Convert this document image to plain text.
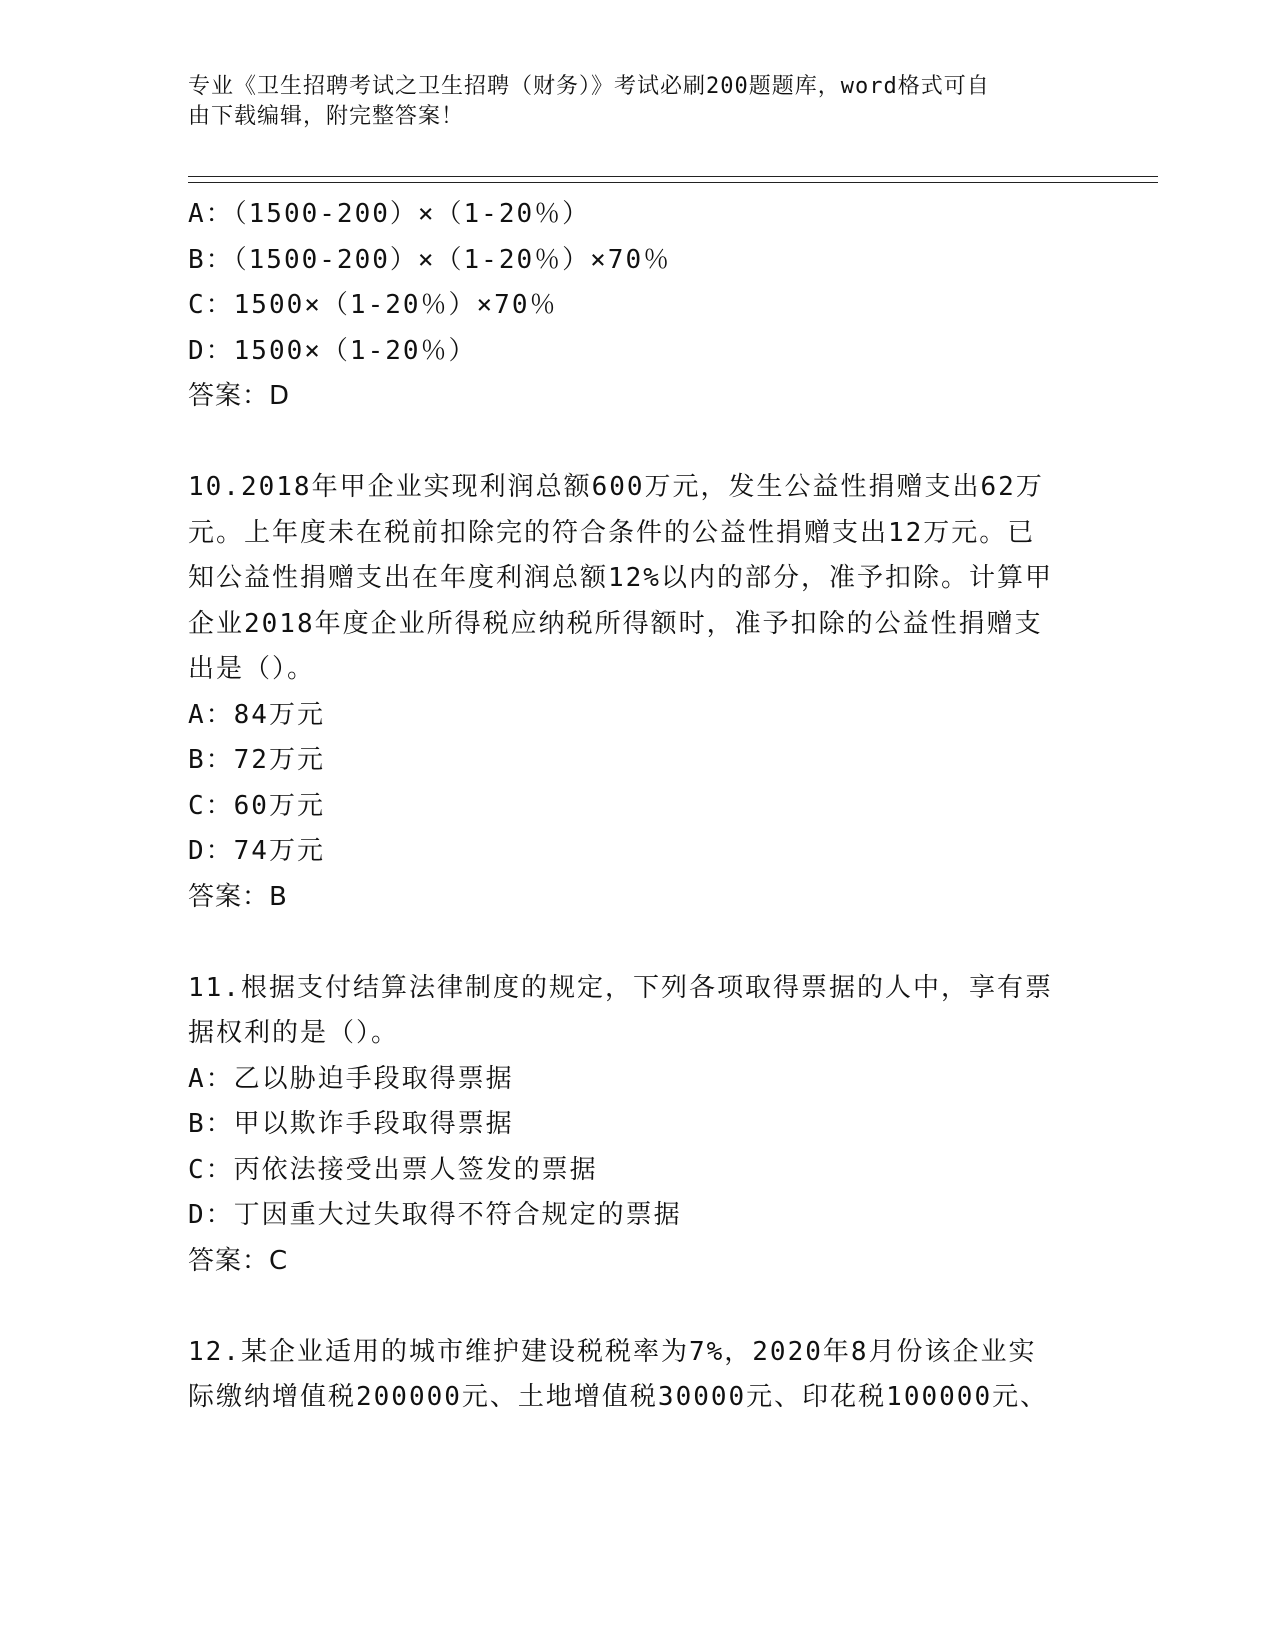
专业《卫生招聘考试之卫生招聘（财务）》考试必刷200题题库，word格式可自
由下载编辑，附完整答案！
A：（1500-200）×（1-20％）
B：（1500-200）×（1-20％）×70％
C：1500×（1-20％）×70％
D：1500×（1-20％）
答案：D
10.2018年甲企业实现利润总额600万元，发生公益性捐赠支出62万
元。上年度未在税前扣除完的符合条件的公益性捐赠支出12万元。已
知公益性捐赠支出在年度利润总额12%以内的部分，准予扣除。计算甲
企业2018年度企业所得税应纳税所得额时，准予扣除的公益性捐赠支
出是（）。
A：84万元
B：72万元
C：60万元
D：74万元
答案：B
11.根据支付结算法律制度的规定，下列各项取得票据的人中，享有票
据权利的是（）。
A：乙以胁迫手段取得票据
B：甲以欺诈手段取得票据
C：丙依法接受出票人签发的票据
D：丁因重大过失取得不符合规定的票据
答案：C
12.某企业适用的城市维护建设税税率为7%，2020年8月份该企业实
际缴纳增值税200000元、土地增值税30000元、印花税100000元、
